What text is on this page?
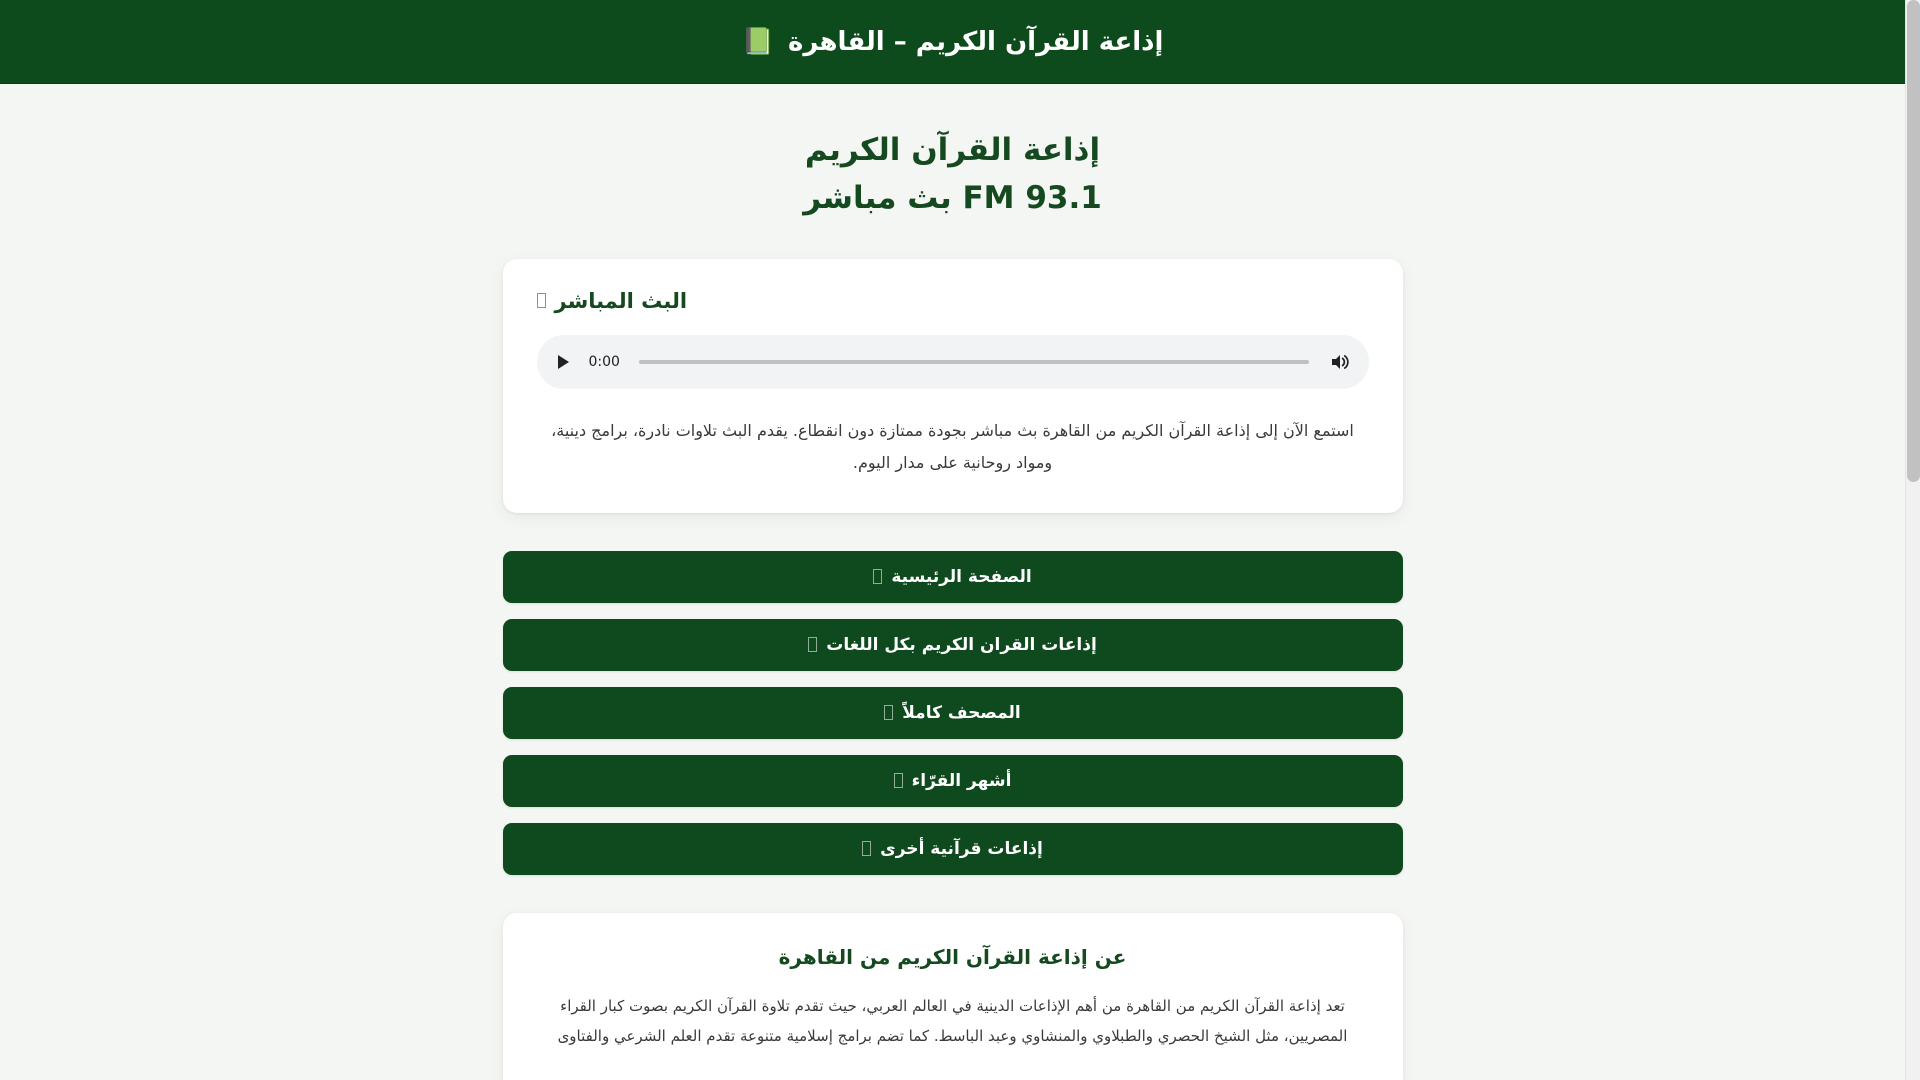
إذاعة القرآن الكريم – القاهرة
📗
إذاعة القرآن الكريم
FM 93.1 بث مباشر
البث المباشر
0:00

استمع الآن إلى إذاعة القرآن الكريم من القاهرة بث مباشر بجودة ممتازة دون انقطاع. يقدم البث تلاوات نادرة، برامج دينية، ومواد روحانية على مدار اليوم.

الصفحة الرئيسية
إذاعات القران الكريم بكل اللغات
المصحف كاملاً
أشهر القرّاء
إذاعات قرآنية أخرى
عن إذاعة القرآن الكريم من القاهرة

تعد إذاعة القرآن الكريم من القاهرة من أهم الإذاعات الدينية في العالم العربي، حيث تقدم تلاوة القرآن الكريم بصوت كبار القراء المصريين، مثل الشيخ الحصري والطبلاوي والمنشاوي وعبد الباسط. كما تضم برامج إسلامية متنوعة تقدم العلم الشرعي والفتاوى
